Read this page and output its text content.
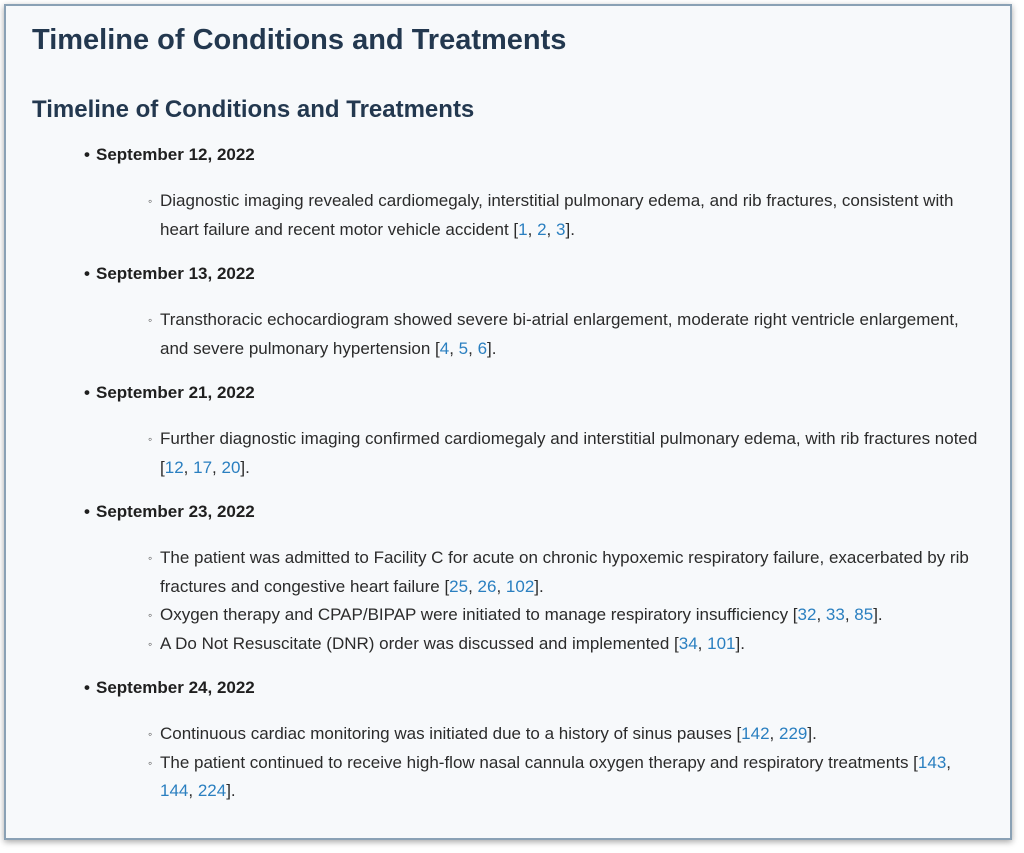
Timeline of Conditions and Treatments
Timeline of Conditions and Treatments
• September 12, 2022
◦ Diagnostic imaging revealed cardiomegaly, interstitial pulmonary edema, and rib fractures, consistent with heart failure and recent motor vehicle accident [1, 2, 3].
• September 13, 2022
◦ Transthoracic echocardiogram showed severe bi-atrial enlargement, moderate right ventricle enlargement, and severe pulmonary hypertension [4, 5, 6].
• September 21, 2022
◦ Further diagnostic imaging confirmed cardiomegaly and interstitial pulmonary edema, with rib fractures noted [12, 17, 20].
• September 23, 2022
◦ The patient was admitted to Facility C for acute on chronic hypoxemic respiratory failure, exacerbated by rib fractures and congestive heart failure [25, 26, 102].
◦ Oxygen therapy and CPAP/BIPAP were initiated to manage respiratory insufficiency [32, 33, 85].
◦ A Do Not Resuscitate (DNR) order was discussed and implemented [34, 101].
• September 24, 2022
◦ Continuous cardiac monitoring was initiated due to a history of sinus pauses [142, 229].
◦ The patient continued to receive high-flow nasal cannula oxygen therapy and respiratory treatments [143, 144, 224].
